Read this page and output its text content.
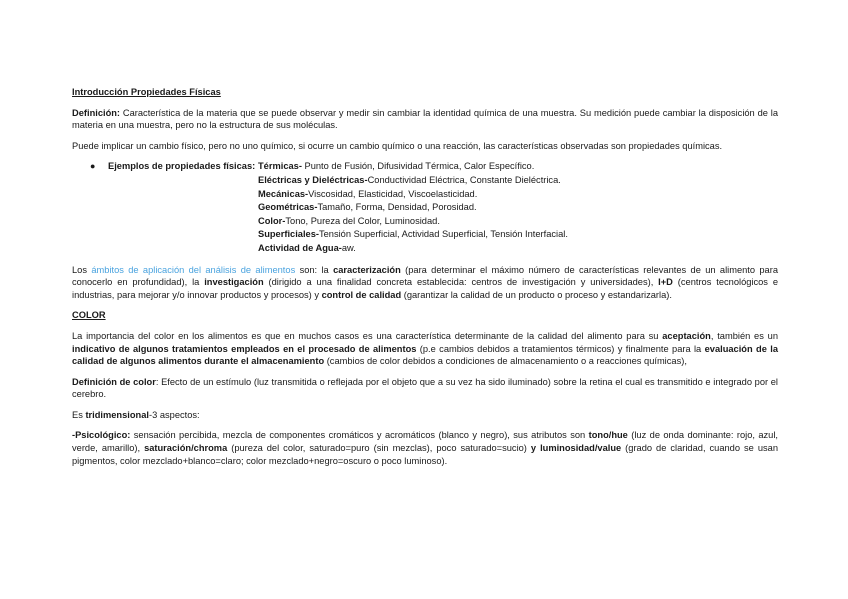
Introducción Propiedades Físicas

Definición: Característica de la materia que se puede observar y medir sin cambiar la identidad química de una muestra. Su medición puede cambiar la disposición de la materia en una muestra, pero no la estructura de sus moléculas.

Puede implicar un cambio físico, pero no uno químico, si ocurre un cambio químico o una reacción, las características observadas son propiedades químicas.

● Ejemplos de propiedades físicas: Térmicas- Punto de Fusión, Difusividad Térmica, Calor Específico.
Eléctricas y Dieléctricas-Conductividad Eléctrica, Constante Dieléctrica.
Mecánicas-Viscosidad, Elasticidad, Viscoelasticidad.
Geométricas-Tamaño, Forma, Densidad, Porosidad.
Color-Tono, Pureza del Color, Luminosidad.
Superficiales-Tensión Superficial, Actividad Superficial, Tensión Interfacial.
Actividad de Agua-aw.

Los ámbitos de aplicación del análisis de alimentos son: la caracterización (para determinar el máximo número de características relevantes de un alimento para conocerlo en profundidad), la investigación (dirigido a una finalidad concreta establecida: centros de investigación y universidades), I+D (centros tecnológicos e industrias, para mejorar y/o innovar productos y procesos) y control de calidad (garantizar la calidad de un producto o proceso y estandarizarla).

COLOR

La importancia del color en los alimentos es que en muchos casos es una característica determinante de la calidad del alimento para su aceptación, también es un indicativo de algunos tratamientos empleados en el procesado de alimentos (p.e cambios debidos a tratamientos térmicos) y finalmente para la evaluación de la calidad de algunos alimentos durante el almacenamiento (cambios de color debidos a condiciones de almacenamiento o a reacciones químicas),

Definición de color: Efecto de un estímulo (luz transmitida o reflejada por el objeto que a su vez ha sido iluminado) sobre la retina el cual es transmitido e integrado por el cerebro.

Es tridimensional-3 aspectos:

-Psicológico: sensación percibida, mezcla de componentes cromáticos y acromáticos (blanco y negro), sus atributos son tono/hue (luz de onda dominante: rojo, azul, verde, amarillo), saturación/chroma (pureza del color, saturado=puro (sin mezclas), poco saturado=sucio) y luminosidad/value (grado de claridad, cuando se usan pigmentos, color mezclado+blanco=claro; color mezclado+negro=oscuro o poco luminoso).
